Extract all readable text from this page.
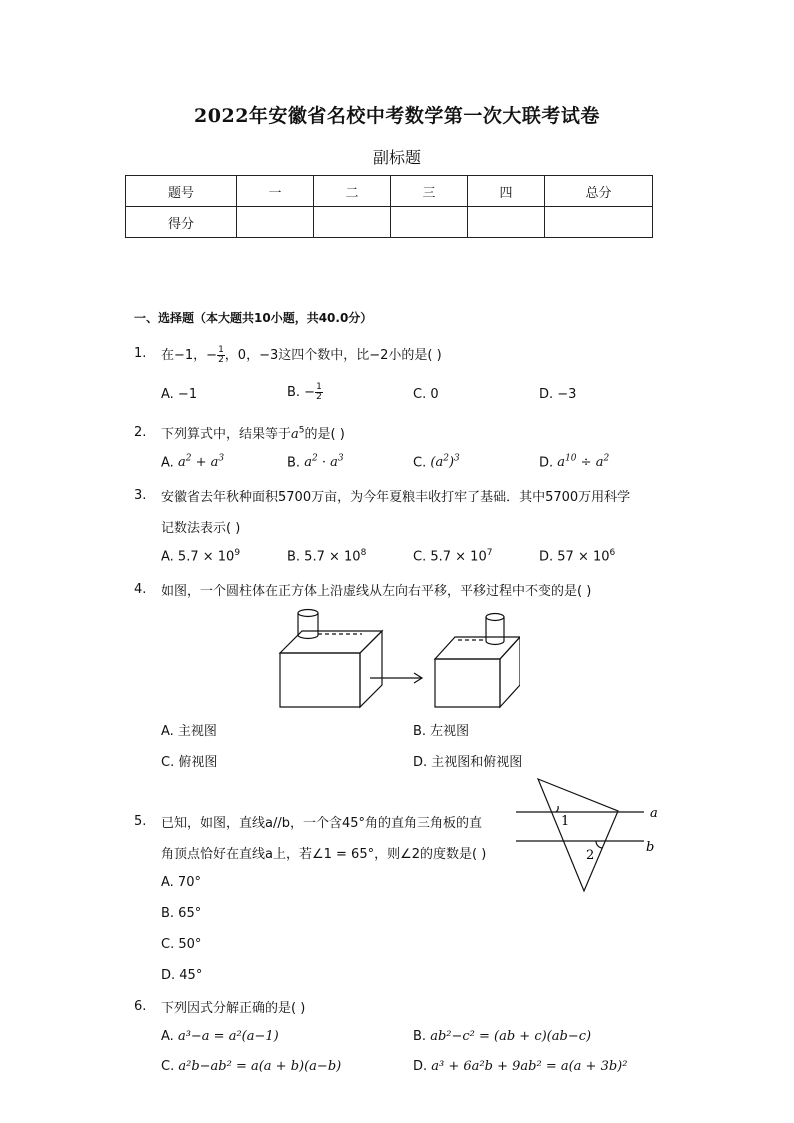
2022年安徽省名校中考数学第一次大联考试卷
副标题
题号	一	二	三	四	总分
得分					
一、选择题（本大题共10小题，共40.0分）
1. 在−1，− $\frac{1}{2}$ ，0，−3这四个数中，比−2小的是( )
A. −1	B. − $\frac{1}{2}$	C. 0	D. −3
2. 下列算式中，结果等于$a^5$的是( )
A. $a^2 + a^3$	B. $a^2 \cdot a^3$	C. $(a^2)^3$	D. $a^{10} \div a^2$
3. 安徽省去年秋种面积5700万亩，为今年夏粮丰收打牢了基础．其中5700万用科学
记数法表示( )
A. $5.7 \times 10^9$	B. $5.7 \times 10^8$	C. $5.7 \times 10^7$	D. $57 \times 10^6$
4. 如图，一个圆柱体在正方体上沿虚线从左向右平移，平移过程中不变的是( )
A. 主视图	B. 左视图
C. 俯视图	D. 主视图和俯视图
5. 已知，如图，直线a//b，一个含45°角的直角三角板的直
角顶点恰好在直线a上，若∠1 = 65°，则∠2的度数是( )
a
b
1
2
A. 70°
B. 65°
C. 50°
D. 45°
6. 下列因式分解正确的是( )
A. a³−a = a²(a−1)	B. ab²−c² = (ab + c)(ab−c)
C. a²b−ab² = a(a + b)(a−b)	D. a³ + 6a²b + 9ab² = a(a + 3b)²
